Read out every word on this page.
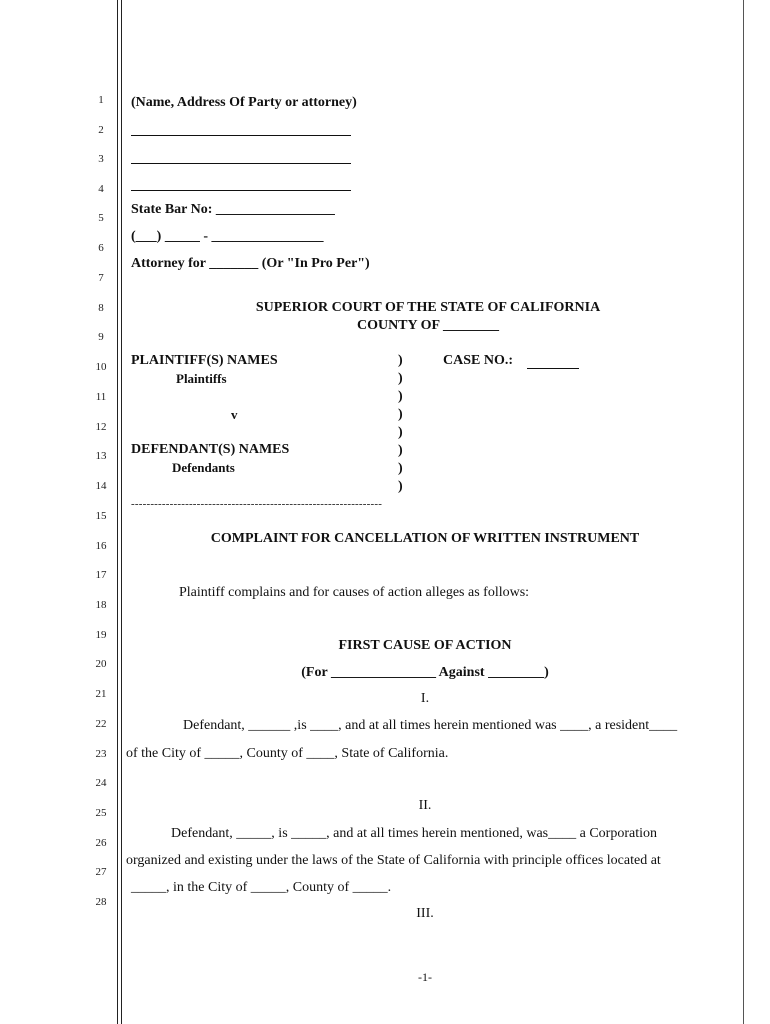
1
2
3
4
5
6
7
8
9
10
11
12
13
14
15
16
17
18
19
20
21
22
23
24
25
26
27
28
(Name, Address Of Party or attorney)
State Bar No: _________________
(___) _____ - ________________
Attorney for _______ (Or "In Pro Per")
SUPERIOR COURT OF THE STATE OF CALIFORNIA
COUNTY OF ________
PLAINTIFF(S) NAMES
Plaintiffs
v
DEFENDANT(S) NAMES
Defendants
)
)
)
)
)
)
)
)
CASE NO.:
-----------------------------------------------------------------
COMPLAINT FOR CANCELLATION OF WRITTEN INSTRUMENT
Plaintiff complains and for causes of action alleges as follows:
FIRST CAUSE OF ACTION
(For _______________ Against ________)
I.
Defendant, ______ ,is ____, and at all times herein mentioned was ____, a resident____
of the City of _____, County of ____, State of California.
II.
Defendant, _____, is _____, and at all times herein mentioned, was____ a Corporation
organized and existing under the laws of the State of California with principle offices located at
_____, in the City of _____, County of _____.
III.
-1-
